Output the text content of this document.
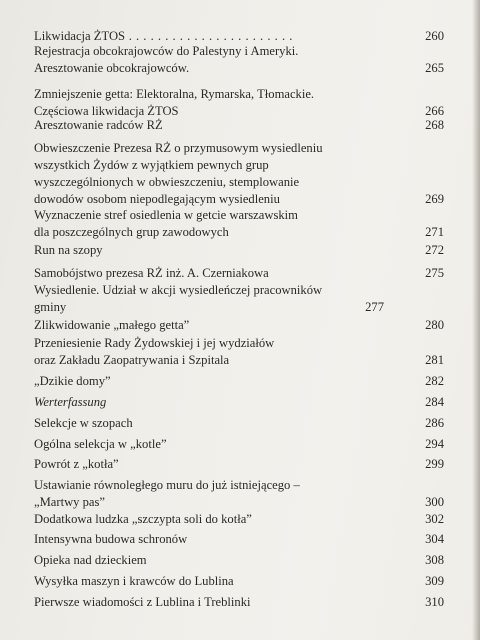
Likwidacja ŻTOS . . . . . . . . . . . . . . . . . . . . . . .	260
Rejestracja obcokrajowców do Palestyny i Ameryki.
Aresztowanie obcokrajowców.	265
Zmniejszenie getta: Elektoralna, Rymarska, Tłomackie.
Częściowa likwidacja ŻTOS	266
Aresztowanie radców RŻ	268
Obwieszczenie Prezesa RŻ o przymusowym wysiedleniu
wszystkich Żydów z wyjątkiem pewnych grup
wyszczególnionych w obwieszczeniu, stemplowanie
dowodów osobom niepodlegającym wysiedleniu	269
Wyznaczenie stref osiedlenia w getcie warszawskim
dla poszczególnych grup zawodowych	271
Run na szopy	272
Samobójstwo prezesa RŻ inż. A. Czerniakowa	275
Wysiedlenie. Udział w akcji wysiedleńczej pracowników
gminy	277
Zlikwidowanie „małego getta”	280
Przeniesienie Rady Żydowskiej i jej wydziałów
oraz Zakładu Zaopatrywania i Szpitala	281
„Dzikie domy”	282
Werterfassung	284
Selekcje w szopach	286
Ogólna selekcja w „kotle”	294
Powrót z „kotła”	299
Ustawianie równoległego muru do już istniejącego –
„Martwy pas”	300
Dodatkowa ludzka „szczypta soli do kotła”	302
Intensywna budowa schronów	304
Opieka nad dzieckiem	308
Wysyłka maszyn i krawców do Lublina	309
Pierwsze wiadomości z Lublina i Treblinki	310
